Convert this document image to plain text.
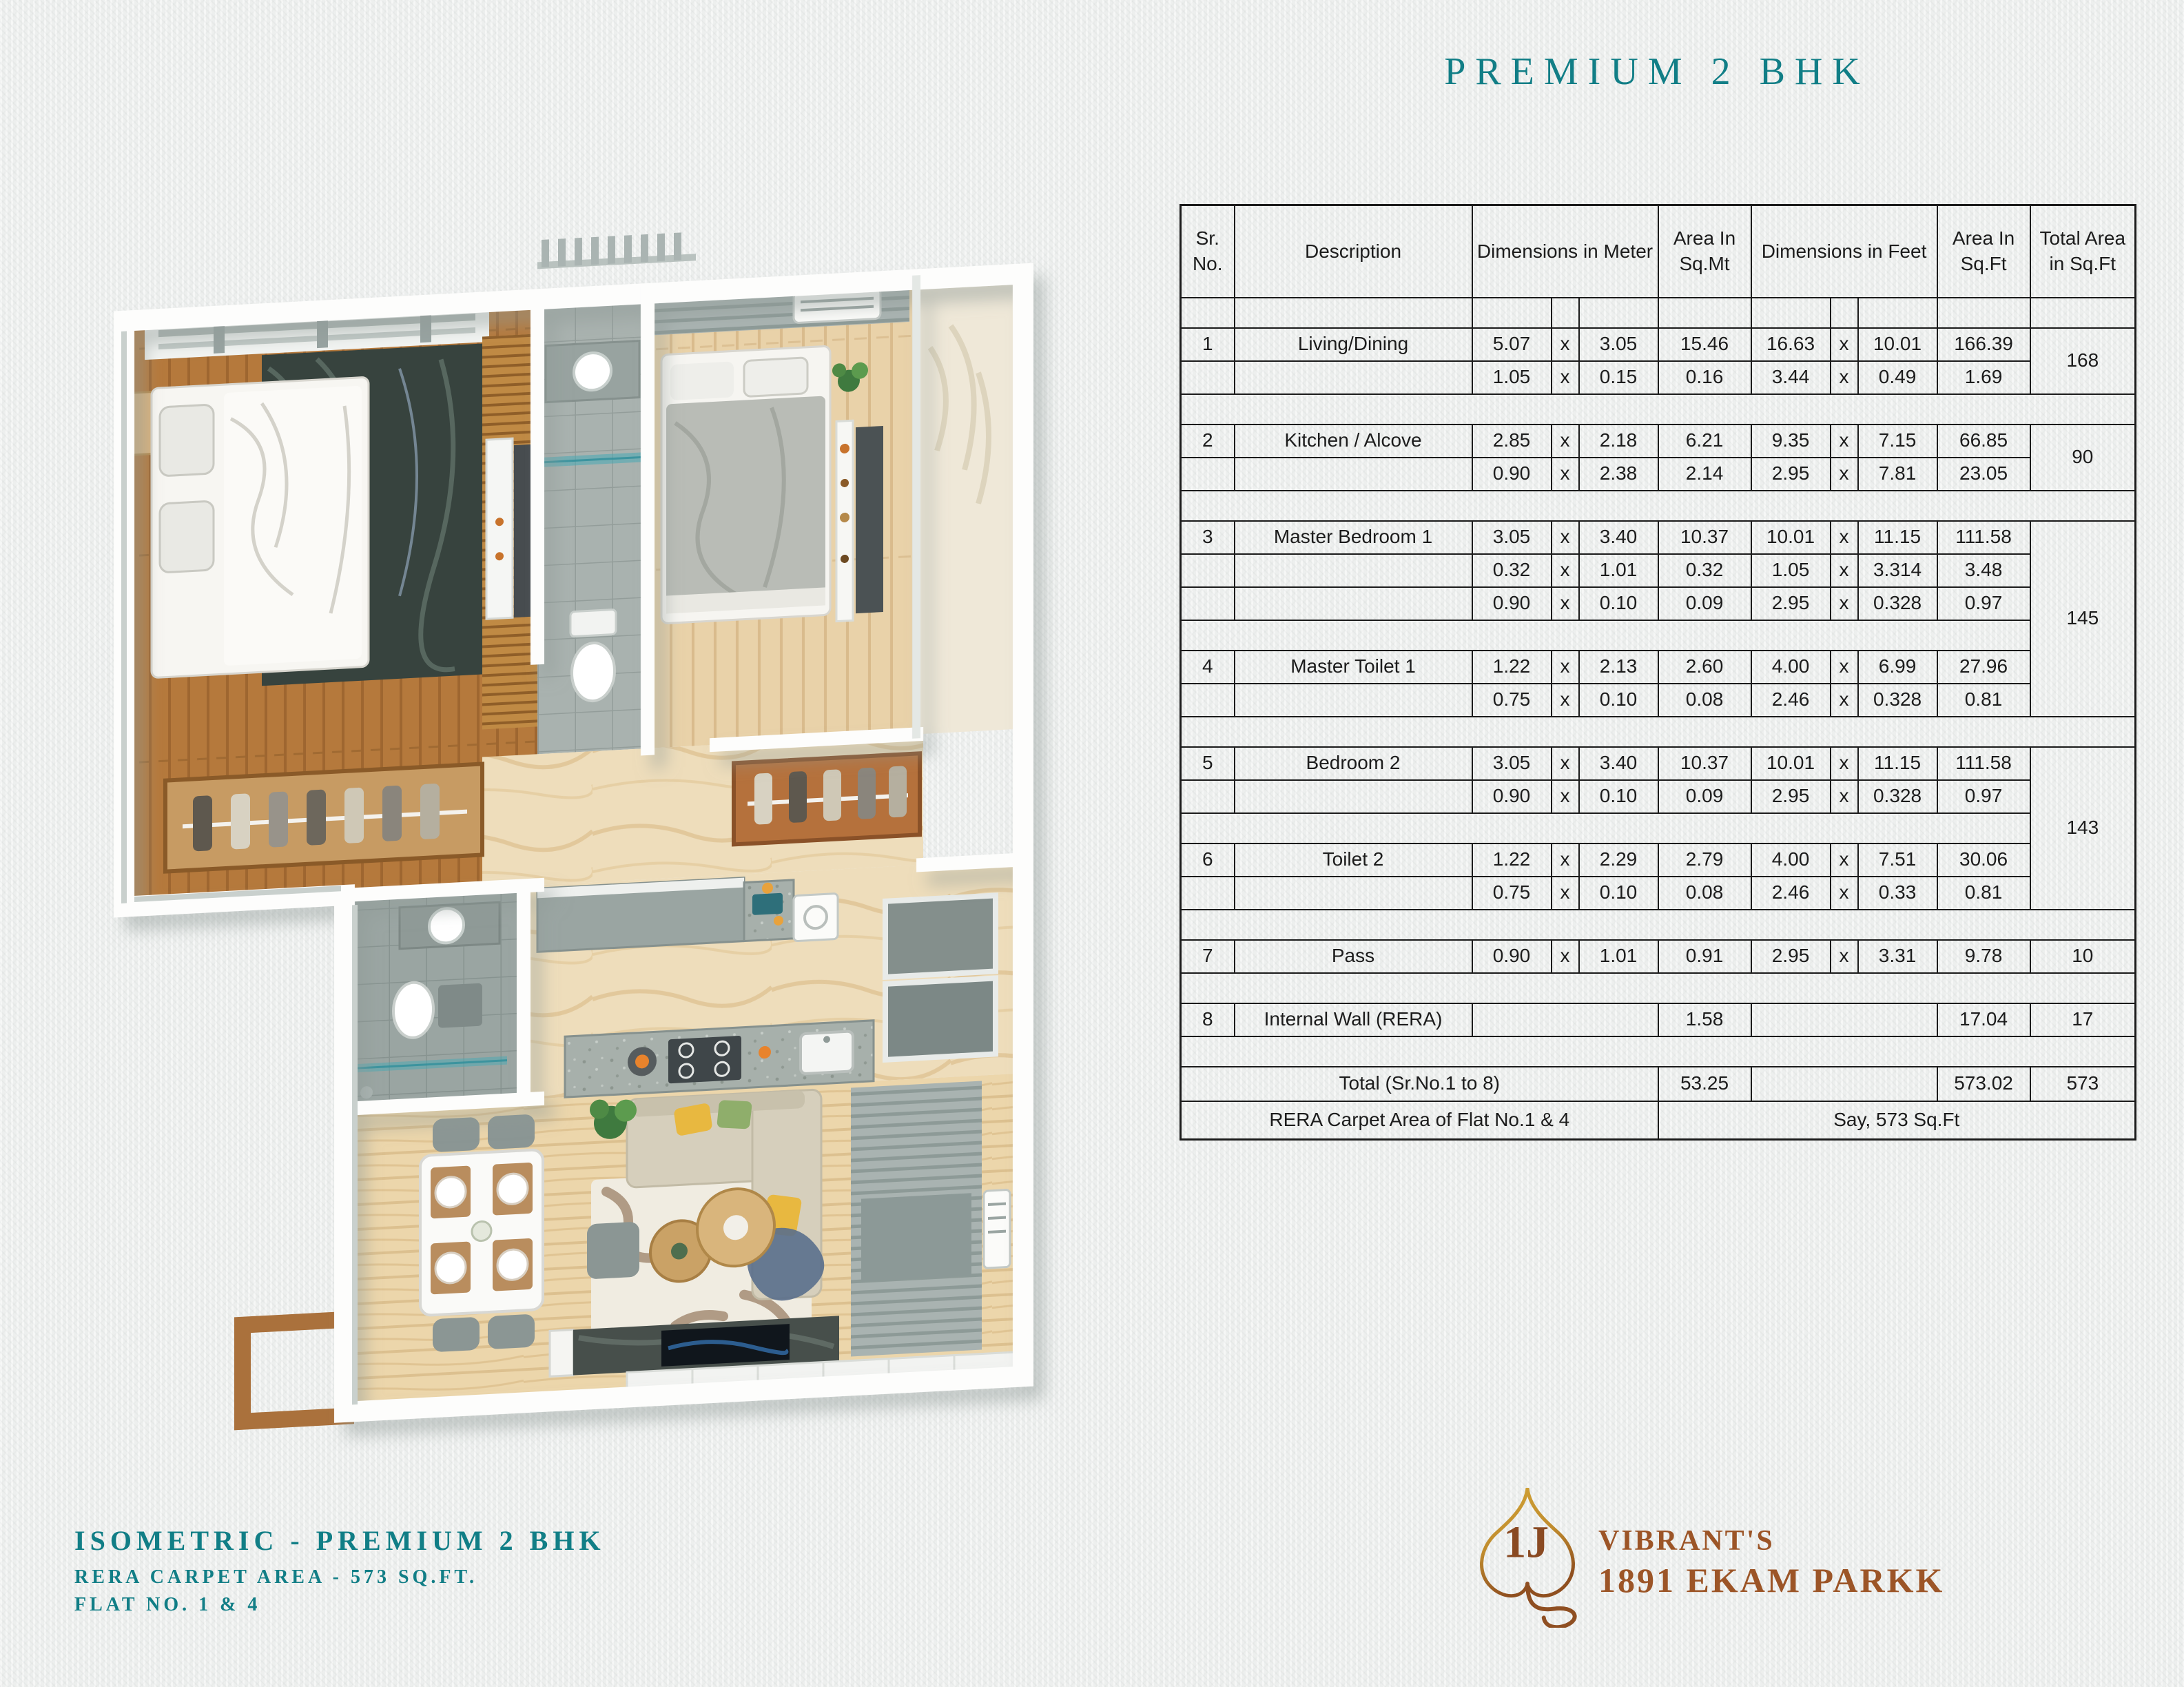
PREMIUM 2 BHK
Sr. No.	Description	Dimensions in Meter			Area In Sq.Mt	Dimensions in Feet			Area In Sq.Ft	Total Area in Sq.Ft

1	Living/Dining	5.07	x	3.05	15.46	16.63	x	10.01	166.39	168
		1.05	x	0.15	0.16	3.44	x	0.49	1.69	

2	Kitchen / Alcove	2.85	x	2.18	6.21	9.35	x	7.15	66.85	90
		0.90	x	2.38	2.14	2.95	x	7.81	23.05	

3	Master Bedroom 1	3.05	x	3.40	10.37	10.01	x	11.15	111.58	145
		0.32	x	1.01	0.32	1.05	x	3.314	3.48	
		0.90	x	0.10	0.09	2.95	x	0.328	0.97	

4	Master Toilet 1	1.22	x	2.13	2.60	4.00	x	6.99	27.96	
		0.75	x	0.10	0.08	2.46	x	0.328	0.81	

5	Bedroom 2	3.05	x	3.40	10.37	10.01	x	11.15	111.58	143
		0.90	x	0.10	0.09	2.95	x	0.328	0.97	

6	Toilet 2	1.22	x	2.29	2.79	4.00	x	7.51	30.06	
		0.75	x	0.10	0.08	2.46	x	0.33	0.81	

7	Pass	0.90	x	1.01	0.91	2.95	x	3.31	9.78	10

8	Internal Wall (RERA)				1.58				17.04	17

Total (Sr.No.1 to 8)					53.25				573.02	573
RERA Carpet Area of Flat No.1 & 4					Say, 573 Sq.Ft					
ISOMETRIC - PREMIUM 2 BHK
RERA CARPET AREA - 573 SQ.FT.
FLAT NO. 1 & 4
1J VIBRANT'S
1891 EKAM PARKK
